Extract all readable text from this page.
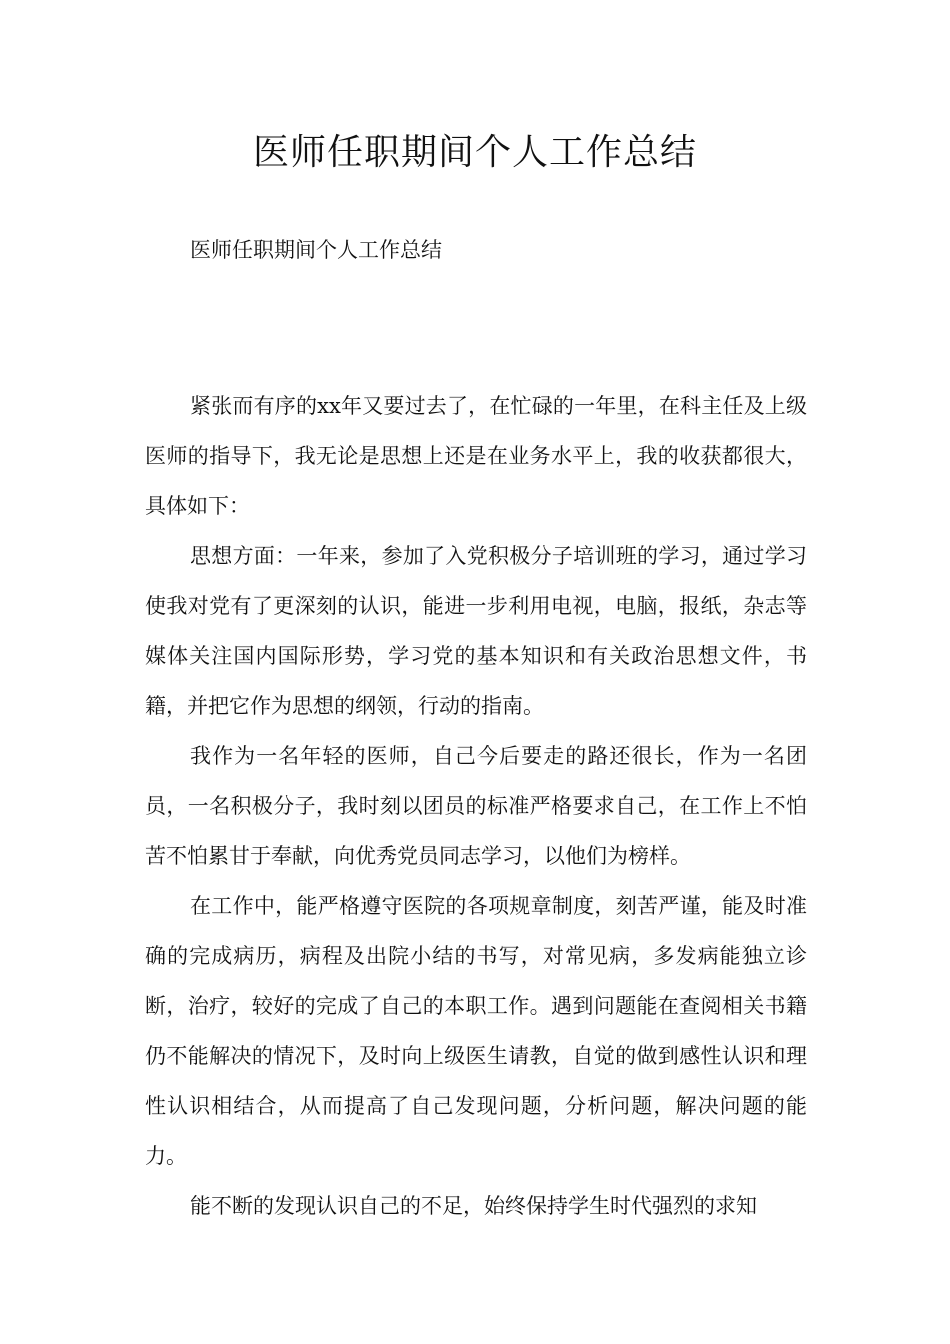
医师任职期间个人工作总结

医师任职期间个人工作总结

紧张而有序的xx年又要过去了，在忙碌的一年里，在科主任及上级医师的指导下，我无论是思想上还是在业务水平上，我的收获都很大，具体如下：

思想方面：一年来，参加了入党积极分子培训班的学习，通过学习使我对党有了更深刻的认识，能进一步利用电视，电脑，报纸，杂志等媒体关注国内国际形势，学习党的基本知识和有关政治思想文件，书籍，并把它作为思想的纲领，行动的指南。

我作为一名年轻的医师，自己今后要走的路还很长，作为一名团员，一名积极分子，我时刻以团员的标准严格要求自己，在工作上不怕苦不怕累甘于奉献，向优秀党员同志学习，以他们为榜样。

在工作中，能严格遵守医院的各项规章制度，刻苦严谨，能及时准确的完成病历，病程及出院小结的书写，对常见病，多发病能独立诊断，治疗，较好的完成了自己的本职工作。遇到问题能在查阅相关书籍仍不能解决的情况下，及时向上级医生请教，自觉的做到感性认识和理性认识相结合，从而提高了自己发现问题，分析问题，解决问题的能力。

能不断的发现认识自己的不足，始终保持学生时代强烈的求知
